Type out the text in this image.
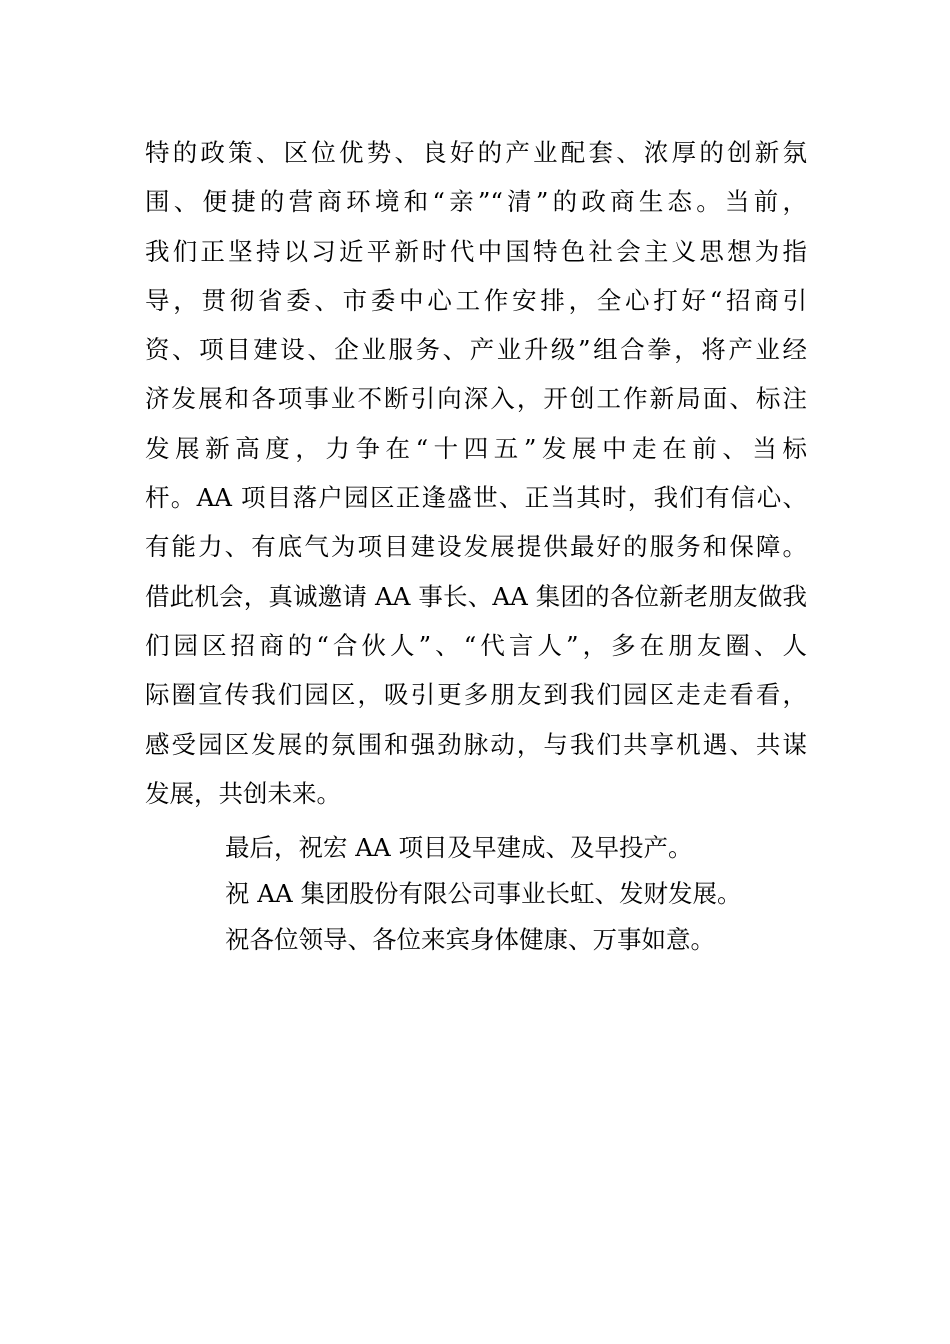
特的政策、区位优势、良好的产业配套、浓厚的创新氛
围、便捷的营商环境和“亲”“清”的政商生态。当前，
我们正坚持以习近平新时代中国特色社会主义思想为指
导，贯彻省委、市委中心工作安排，全心打好“招商引
资、项目建设、企业服务、产业升级”组合拳，将产业经
济发展和各项事业不断引向深入，开创工作新局面、标注
发展新高度，力争在“十四五”发展中走在前、当标
杆。AA 项目落户园区正逢盛世、正当其时，我们有信心、
有能力、有底气为项目建设发展提供最好的服务和保障。
借此机会，真诚邀请 AA 事长、AA 集团的各位新老朋友做我
们园区招商的“合伙人”、“代言人”，多在朋友圈、人
际圈宣传我们园区，吸引更多朋友到我们园区走走看看，
感受园区发展的氛围和强劲脉动，与我们共享机遇、共谋
发展，共创未来。
最后，祝宏 AA 项目及早建成、及早投产。
祝 AA 集团股份有限公司事业长虹、发财发展。
祝各位领导、各位来宾身体健康、万事如意。
